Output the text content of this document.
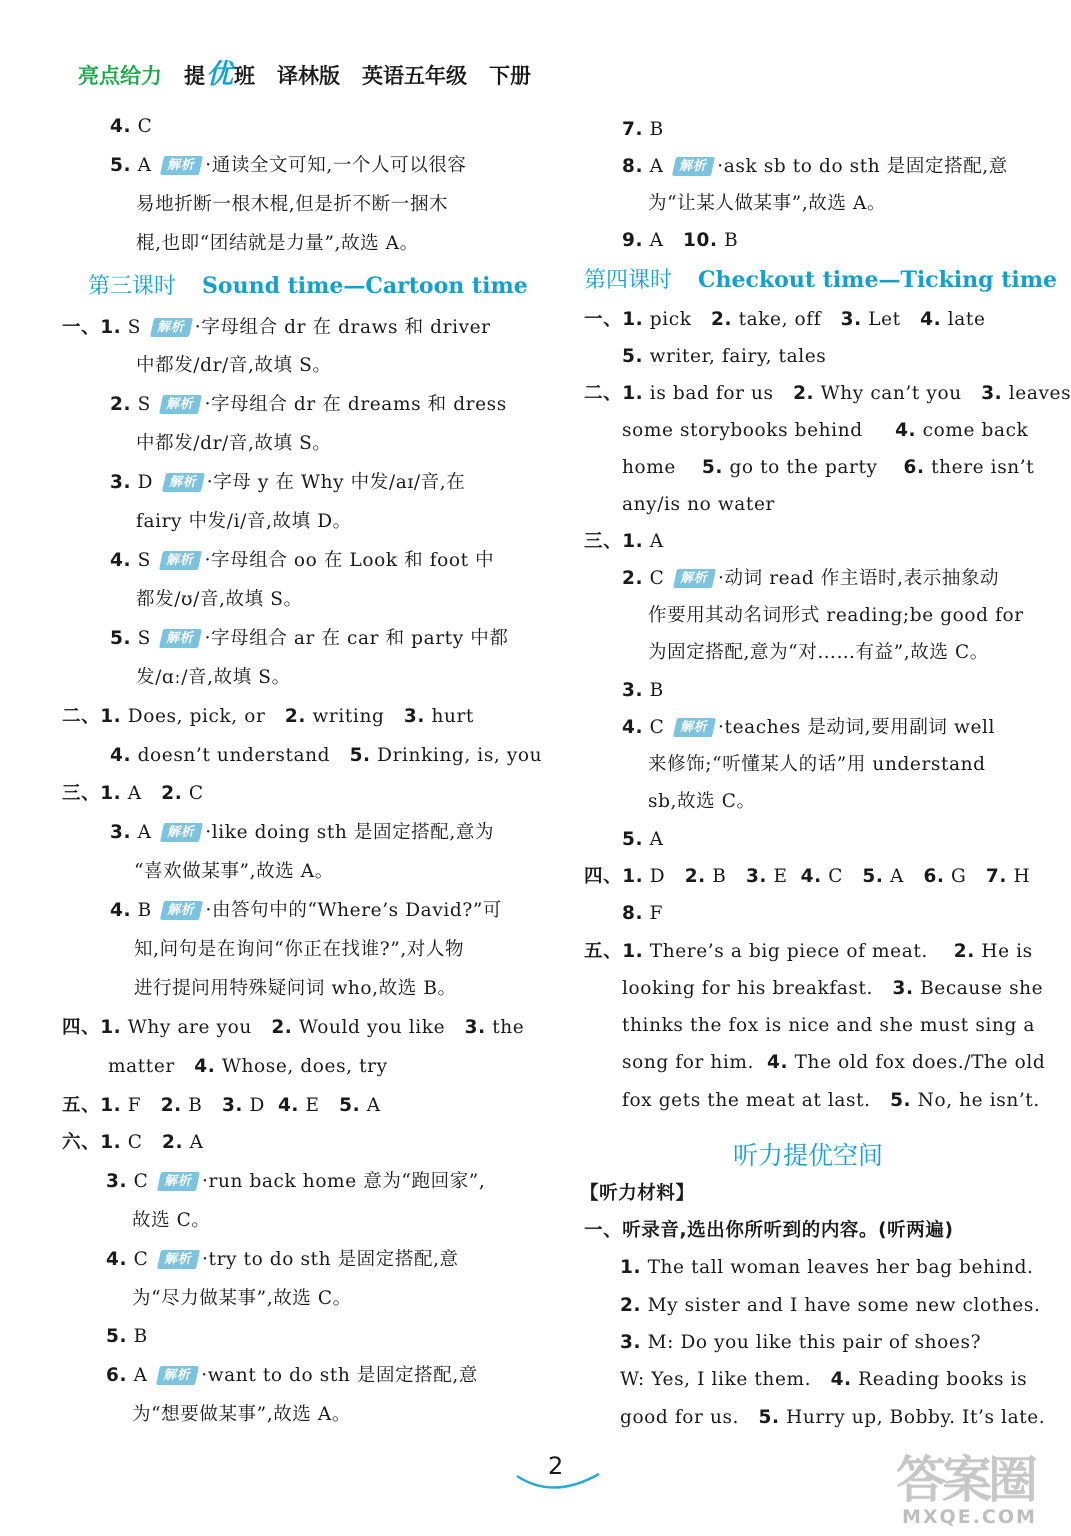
亮点给力 提 优 班 译林版 英语五年级 下册
4. C
5. A 解析 ·通读全文可知,一个人可以很容
易地折断一根木棍,但是折不断一捆木
棍,也即“团结就是力量”,故选 A。
第三课时 Sound time—Cartoon time
一、1. S 解析 ·字母组合 dr 在 draws 和 driver
中都发/dr/音,故填 S。
2. S 解析 ·字母组合 dr 在 dreams 和 dress
中都发/dr/音,故填 S。
3. D 解析 ·字母 y 在 Why 中发/aɪ/音,在
fairy 中发/i/音,故填 D。
4. S 解析 ·字母组合 oo 在 Look 和 foot 中
都发/ʊ/音,故填 S。
5. S 解析 ·字母组合 ar 在 car 和 party 中都
发/ɑː/音,故填 S。
二、1. Does, pick, or 2. writing 3. hurt
4. doesn’t understand 5. Drinking, is, you
三、1. A 2. C
3. A 解析 ·like doing sth 是固定搭配,意为
“喜欢做某事”,故选 A。
4. B 解析 ·由答句中的“Where’s David?”可
知,问句是在询问“你正在找谁?”,对人物
进行提问用特殊疑问词 who,故选 B。
四、1. Why are you 2. Would you like 3. the
matter 4. Whose, does, try
五、1. F 2. B 3. D 4. E 5. A
六、1. C 2. A
3. C 解析 ·run back home 意为“跑回家”,
故选 C。
4. C 解析 ·try to do sth 是固定搭配,意
为“尽力做某事”,故选 C。
5. B
6. A 解析 ·want to do sth 是固定搭配,意
为“想要做某事”,故选 A。
7. B
8. A 解析 ·ask sb to do sth 是固定搭配,意
为“让某人做某事”,故选 A。
9. A 10. B
第四课时 Checkout time—Ticking time
一、1. pick 2. take, off 3. Let 4. late
5. writer, fairy, tales
二、1. is bad for us 2. Why can’t you 3. leaves
some storybooks behind 4. come back
home 5. go to the party 6. there isn’t
any/is no water
三、1. A
2. C 解析 ·动词 read 作主语时,表示抽象动
作要用其动名词形式 reading;be good for
为固定搭配,意为“对……有益”,故选 C。
3. B
4. C 解析 ·teaches 是动词,要用副词 well
来修饰;“听懂某人的话”用 understand
sb,故选 C。
5. A
四、1. D 2. B 3. E 4. C 5. A 6. G 7. H
8. F
五、1. There’s a big piece of meat. 2. He is
looking for his breakfast. 3. Because she
thinks the fox is nice and she must sing a
song for him. 4. The old fox does./The old
fox gets the meat at last. 5. No, he isn’t.
听力提优空间
【听力材料】
一、听录音,选出你所听到的内容。(听两遍)
1. The tall woman leaves her bag behind.
2. My sister and I have some new clothes.
3. M: Do you like this pair of shoes?
W: Yes, I like them. 4. Reading books is
good for us. 5. Hurry up, Bobby. It’s late.
2	答案圈
MXQE.COM
